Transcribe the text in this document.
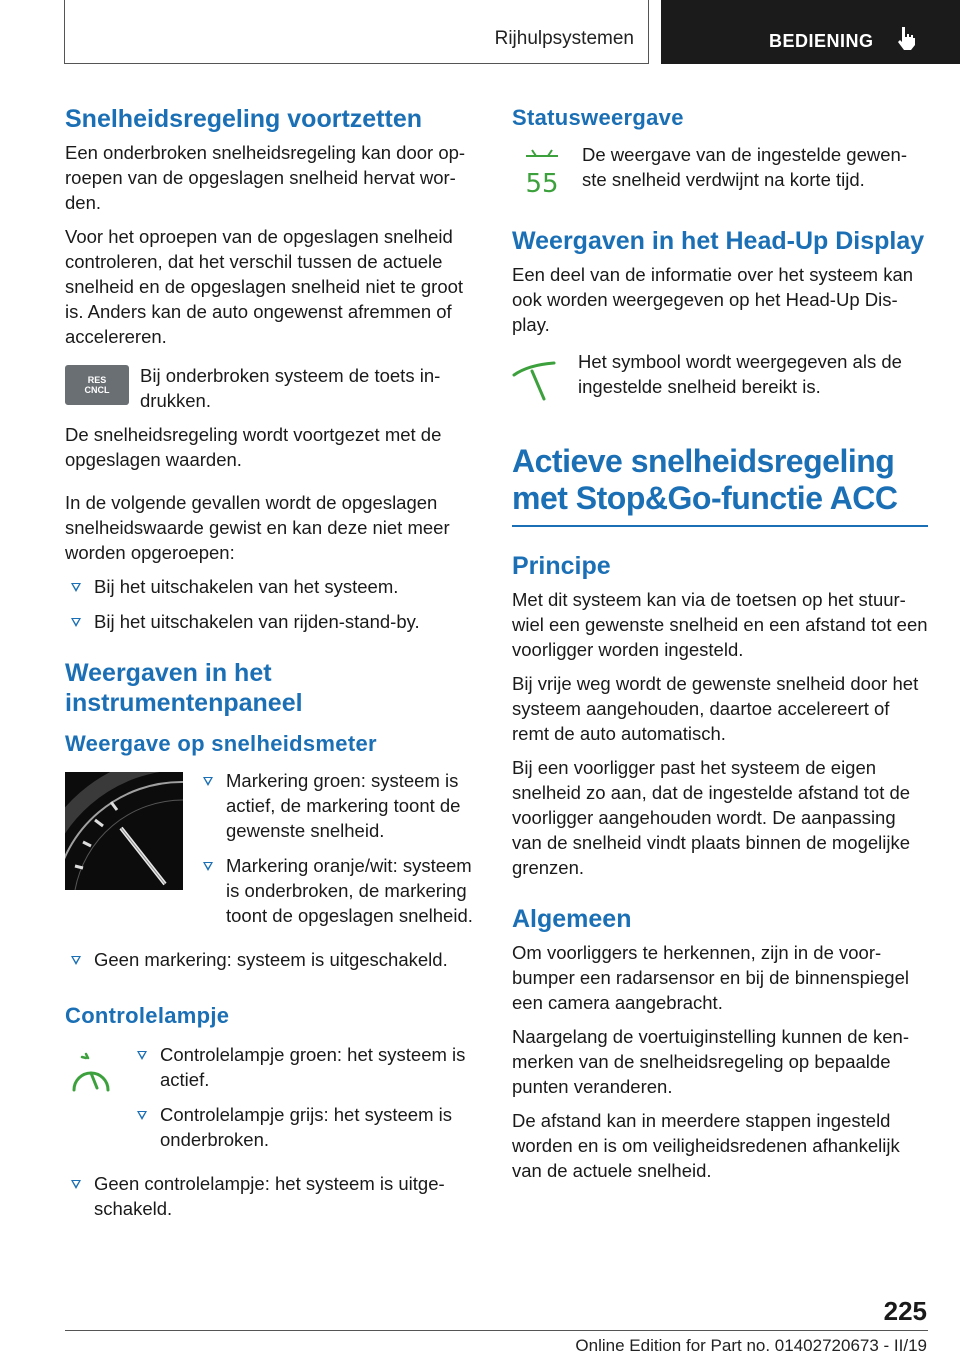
Rijhulpsystemen	BEDIENING
Snelheidsregeling voortzetten

Een onderbroken snelheidsregeling kan door op-roepen van de opgeslagen snelheid hervat wor-den.

Voor het oproepen van de opgeslagen snelheid controleren, dat het verschil tussen de actuele snelheid en de opgeslagen snelheid niet te groot is. Anders kan de auto ongewenst afremmen of accelereren.

RES
CNCL

Bij onderbroken systeem de toets in-drukken.

De snelheidsregeling wordt voortgezet met de opgeslagen waarden.

In de volgende gevallen wordt de opgeslagen snelheidswaarde gewist en kan deze niet meer worden opgeroepen:

Bij het uitschakelen van het systeem.
Bij het uitschakelen van rijden-stand-by.
Weergaven in het instrumentenpaneel
Weergave op snelheidsmeter
Markering groen: systeem is actief, de markering toont de gewenste snelheid.
Markering oranje/wit: systeem is onderbroken, de markering toont de opgeslagen snelheid.
Geen markering: systeem is uitgeschakeld.
Controlelampje
Controlelampje groen: het systeem is actief.
Controlelampje grijs: het systeem is onderbroken.
Geen controlelampje: het systeem is uitge-schakeld.
Statusweergave
55

De weergave van de ingestelde gewen-ste snelheid verdwijnt na korte tijd.

Weergaven in het Head-Up Display

Een deel van de informatie over het systeem kan ook worden weergegeven op het Head-Up Dis-play.

Het symbool wordt weergegeven als de ingestelde snelheid bereikt is.

Actieve snelheidsregeling met Stop&Go-functie ACC
Principe

Met dit systeem kan via de toetsen op het stuur-wiel een gewenste snelheid en een afstand tot een voorligger worden ingesteld.

Bij vrije weg wordt de gewenste snelheid door het systeem aangehouden, daartoe accelereert of remt de auto automatisch.

Bij een voorligger past het systeem de eigen snelheid zo aan, dat de ingestelde afstand tot de voorligger aangehouden wordt. De aanpassing van de snelheid vindt plaats binnen de mogelijke grenzen.

Algemeen

Om voorliggers te herkennen, zijn in de voor-bumper een radarsensor en bij de binnenspiegel een camera aangebracht.

Naargelang de voertuiginstelling kunnen de ken-merken van de snelheidsregeling op bepaalde punten veranderen.

De afstand kan in meerdere stappen ingesteld worden en is om veiligheidsredenen afhankelijk van de actuele snelheid.

225
Online Edition for Part no. 01402720673 - II/19
